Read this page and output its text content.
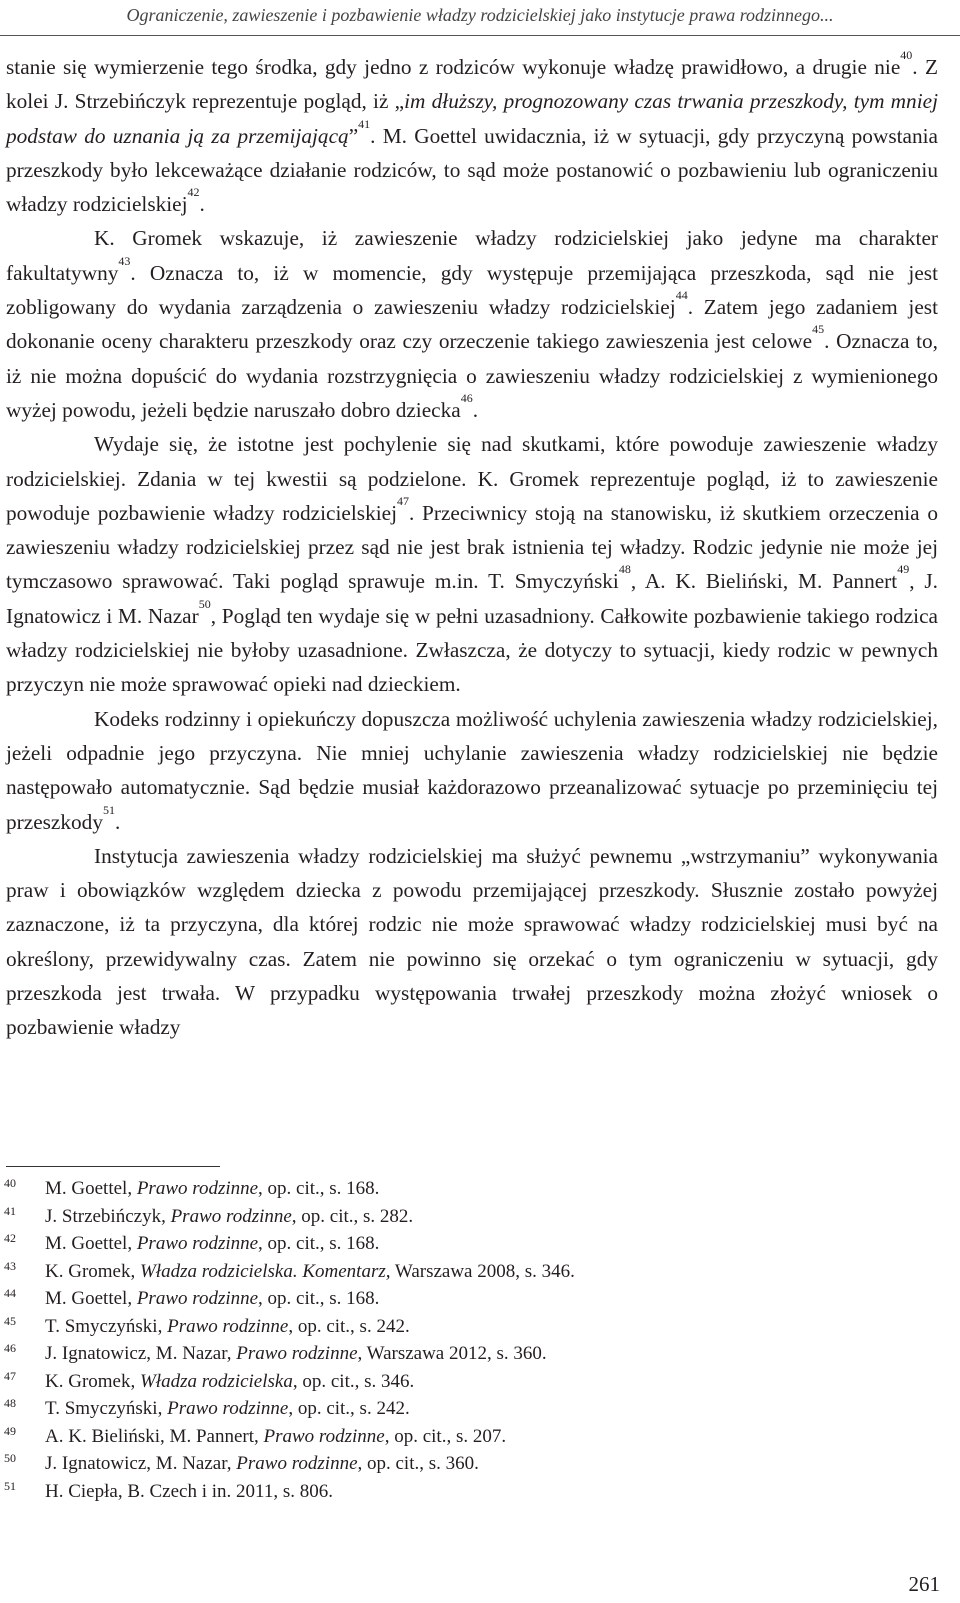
Ograniczenie, zawieszenie i pozbawienie władzy rodzicielskiej jako instytucje prawa rodzinnego...

stanie się wymierzenie tego środka, gdy jedno z rodziców wykonuje władzę prawidłowo, a drugie nie$^{40}$. Z kolei J. Strzebińczyk reprezentuje pogląd, iż „im dłuższy, prognozowany czas trwania przeszkody, tym mniej podstaw do uznania ją za przemijającą”$^{41}$. M. Goettel uwidacznia, iż w sytuacji, gdy przyczyną powstania przeszkody było lekceważące działanie rodziców, to sąd może postanowić o pozbawieniu lub ograniczeniu władzy rodzicielskiej$^{42}$.

K. Gromek wskazuje, iż zawieszenie władzy rodzicielskiej jako jedyne ma charakter fakultatywny$^{43}$. Oznacza to, iż w momencie, gdy występuje przemijająca przeszkoda, sąd nie jest zobligowany do wydania zarządzenia o zawieszeniu władzy rodzicielskiej$^{44}$. Zatem jego zadaniem jest dokonanie oceny charakteru przeszkody oraz czy orzeczenie takiego zawieszenia jest celowe$^{45}$. Oznacza to, iż nie można dopuścić do wydania rozstrzygnięcia o zawieszeniu władzy rodzicielskiej z wymienionego wyżej powodu, jeżeli będzie naruszało dobro dziecka$^{46}$.

Wydaje się, że istotne jest pochylenie się nad skutkami, które powoduje zawieszenie władzy rodzicielskiej. Zdania w tej kwestii są podzielone. K. Gromek reprezentuje pogląd, iż to zawieszenie powoduje pozbawienie władzy rodzicielskiej$^{47}$. Przeciwnicy stoją na stanowisku, iż skutkiem orzeczenia o zawieszeniu władzy rodzicielskiej przez sąd nie jest brak istnienia tej władzy. Rodzic jedynie nie może jej tymczasowo sprawować. Taki pogląd sprawuje m.in. T. Smyczyński$^{48}$, A. K. Bieliński, M. Pannert$^{49}$, J. Ignatowicz i M. Nazar$^{50}$, Pogląd ten wydaje się w pełni uzasadniony. Całkowite pozbawienie takiego rodzica władzy rodzicielskiej nie byłoby uzasadnione. Zwłaszcza, że dotyczy to sytuacji, kiedy rodzic w pewnych przyczyn nie może sprawować opieki nad dzieckiem.

Kodeks rodzinny i opiekuńczy dopuszcza możliwość uchylenia zawieszenia władzy rodzicielskiej, jeżeli odpadnie jego przyczyna. Nie mniej uchylanie zawieszenia władzy rodzicielskiej nie będzie następowało automatycznie. Sąd będzie musiał każdorazowo przeanalizować sytuacje po przeminięciu tej przeszkody$^{51}$.

Instytucja zawieszenia władzy rodzicielskiej ma służyć pewnemu „wstrzymaniu” wykonywania praw i obowiązków względem dziecka z powodu przemijającej przeszkody. Słusznie zostało powyżej zaznaczone, iż ta przyczyna, dla której rodzic nie może sprawować władzy rodzicielskiej musi być na określony, przewidywalny czas. Zatem nie powinno się orzekać o tym ograniczeniu w sytuacji, gdy przeszkoda jest trwała. W przypadku występowania trwałej przeszkody można złożyć wniosek o pozbawienie władzy

40 M. Goettel, Prawo rodzinne, op. cit., s. 168.
41 J. Strzebińczyk, Prawo rodzinne, op. cit., s. 282.
42 M. Goettel, Prawo rodzinne, op. cit., s. 168.
43 K. Gromek, Władza rodzicielska. Komentarz, Warszawa 2008, s. 346.
44 M. Goettel, Prawo rodzinne, op. cit., s. 168.
45 T. Smyczyński, Prawo rodzinne, op. cit., s. 242.
46 J. Ignatowicz, M. Nazar, Prawo rodzinne, Warszawa 2012, s. 360.
47 K. Gromek, Władza rodzicielska, op. cit., s. 346.
48 T. Smyczyński, Prawo rodzinne, op. cit., s. 242.
49 A. K. Bieliński, M. Pannert, Prawo rodzinne, op. cit., s. 207.
50 J. Ignatowicz, M. Nazar, Prawo rodzinne, op. cit., s. 360.
51 H. Ciepła, B. Czech i in. 2011, s. 806.
261
